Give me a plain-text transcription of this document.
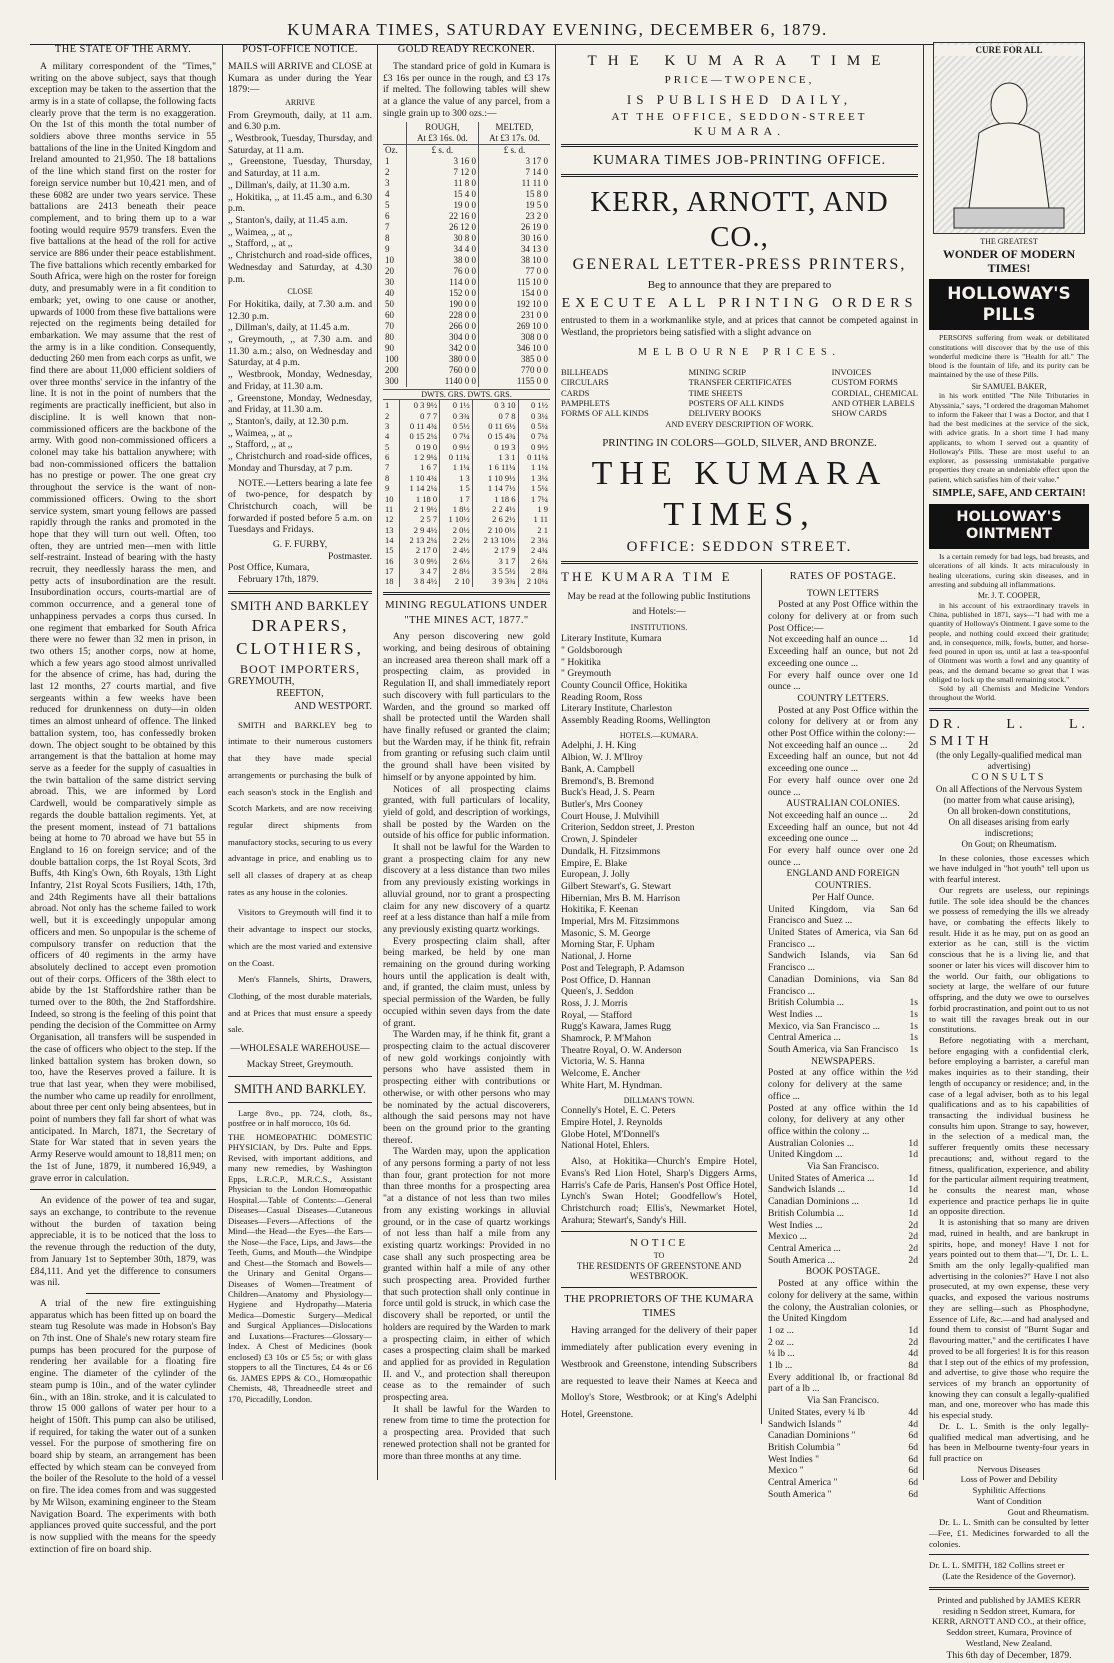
KUMARA TIMES, SATURDAY EVENING, DECEMBER 6, 1879.
THE STATE OF THE ARMY.

A military correspondent of the "Times," writing on the above subject, says that though exception may be taken to the assertion that the army is in a state of collapse, the following facts clearly prove that the term is no exaggeration. On the 1st of this month the total number of soldiers above three months service in 55 battalions of the line in the United Kingdom and Ireland amounted to 21,950. The 18 battalions of the line which stand first on the roster for foreign service number but 10,421 men, and of these 6082 are under two years service. These battalions are 2413 beneath their peace complement, and to bring them up to a war footing would require 9579 transfers. Even the five battalions at the head of the roll for active service are 886 under their peace establishment. The five battalions which recently embarked for South Africa, were high on the roster for foreign duty, and presumably were in a fit condition to embark; yet, owing to one cause or another, upwards of 1000 from these five battalions were rejected on the regiments being detailed for embarkation. We may assume that the rest of the army is in a like condition. Consequently, deducting 260 men from each corps as unfit, we find there are about 11,000 efficient soldiers of over three months' service in the infantry of the line. It is not in the point of numbers that the regiments are practically inefficient, but also in discipline. It is well known that non-commissioned officers are the backbone of the army. With good non-commissioned officers a colonel may take his battalion anywhere; with bad non-commissioned officers the battalion has no prestige or power. The one great cry throughout the service is the want of non-commissioned officers. Owing to the short service system, smart young fellows are passed rapidly through the ranks and promoted in the hope that they will turn out well. Often, too often, they are untried men—men with little self-restraint. Instead of bearing with the hasty recruit, they needlessly harass the men, and petty acts of insubordination are the result. Insubordination occurs, courts-martial are of common occurrence, and a general tone of unhappiness pervades a corps thus cursed. In one regiment that embarked for South Africa there were no fewer than 32 men in prison, in two others 15; another corps, now at home, which a few years ago stood almost unrivalled for the absence of crime, has had, during the last 12 months, 27 courts martial, and five sergeants within a few weeks have been reduced for drunkenness on duty—in olden times an almost unheard of offence. The linked battalion system, too, has confessedly broken down. The object sought to be obtained by this arrangement is that the battalion at home may serve as a feeder for the supply of casualties in the twin battalion of the same district serving abroad. This, we are informed by Lord Cardwell, would be comparatively simple as regards the double battalion regiments. Yet, at the present moment, instead of 71 battalions being at home to 70 abroad we have but 55 in England to 16 on foreign service; and of the double battalion corps, the 1st Royal Scots, 3rd Buffs, 4th King's Own, 6th Royals, 13th Light Infantry, 21st Royal Scots Fusiliers, 14th, 17th, and 24th Regiments have all their battalions abroad. Not only has the scheme failed to work well, but it is exceedingly unpopular among officers and men. So unpopular is the scheme of compulsory transfer on reduction that the officers of 40 regiments in the army have absolutely declined to accept even promotion out of their corps. Officers of the 38th elect to abide by the 1st Staffordshire rather than be turned over to the 80th, the 2nd Staffordshire. Indeed, so strong is the feeling of this point that pending the decision of the Committee on Army Organisation, all transfers will be suspended in the case of officers who object to the step. If the linked battalion system has broken down, so too, have the Reserves proved a failure. It is true that last year, when they were mobilised, the number who came up readily for enrollment, about three per cent only being absentees, but in point of numbers they fall far short of what was anticipated. In March, 1871, the Secretary of State for War stated that in seven years the Army Reserve would amount to 18,811 men; on the 1st of June, 1879, it numbered 16,949, a grave error in calculation.

An evidence of the power of tea and sugar, says an exchange, to contribute to the revenue without the burden of taxation being appreciable, it is to be noticed that the loss to the revenue through the reduction of the duty, from January 1st to September 30th, 1879, was £84,111. And yet the difference to consumers was nil.

A trial of the new fire extinguishing apparatus which has been fitted up on board the steam tug Resolute was made in Hobson's Bay on 7th inst. One of Shale's new rotary steam fire pumps has been procured for the purpose of rendering her available for a floating fire engine. The diameter of the cylinder of the steam pump is 10in., and of the water cylinder 6in., with an 18in. stroke, and it is calculated to throw 15 000 gallons of water per hour to a height of 150ft. This pump can also be utilised, if required, for taking the water out of a sunken vessel. For the purpose of smothering fire on board ship by steam, an arrangement has been effected by which steam can be conveyed from the boiler of the Resolute to the hold of a vessel on fire. The idea comes from and was suggested by Mr Wilson, examining engineer to the Steam Navigation Board. The experiments with both appliances proved quite successful, and the port is now supplied with the means for the speedy extinction of fire on board ship.

POST-OFFICE NOTICE.

MAILS will ARRIVE and CLOSE at Kumara as under during the Year 1879:—

ARRIVE
From Greymouth, daily, at 11 a.m. and 6.30 p.m.
,, Westbrook, Tuesday, Thursday, and Saturday, at 11 a.m.
,, Greenstone, Tuesday, Thursday, and Saturday, at 11 a.m.
,, Dillman's, daily, at 11.30 a.m.
,, Hokitika, ,, at 11.45 a.m., and 6.30 p.m.
,, Stanton's, daily, at 11.45 a.m.
,, Waimea, ,, at ,,
,, Stafford, ,, at ,,
,, Christchurch and road-side offices, Wednesday and Saturday, at 4.30 p.m.
CLOSE
For Hokitika, daily, at 7.30 a.m. and 12.30 p.m.
,, Dillman's, daily, at 11.45 a.m.
,, Greymouth, ,, at 7.30 a.m. and 11.30 a.m.; also, on Wednesday and Saturday, at 4 p.m.
,, Westbrook, Monday, Wednesday, and Friday, at 11.30 a.m.
,, Greenstone, Monday, Wednesday, and Friday, at 11.30 a.m.
,, Stanton's, daily, at 12.30 p.m.
,, Waimea, ,, at ,,
,, Stafford, ,, at ,,
,, Christchurch and road-side offices, Monday and Thursday, at 7 p.m.

NOTE.—Letters bearing a late fee of two-pence, for despatch by Christchurch coach, will be forwarded if posted before 5 a.m. on Tuesdays and Fridays.

G. F. FURBY,
Postmaster.
Post Office, Kumara,
February 17th, 1879.
SMITH AND BARKLEY
DRAPERS,
CLOTHIERS,
BOOT IMPORTERS,
GREYMOUTH,
REEFTON,
AND WESTPORT.

SMITH and BARKLEY beg to intimate to their numerous customers that they have made special arrangements or purchasing the bulk of each season's stock in the English and Scotch Markets, and are now receiving regular direct shipments from manufactory stocks, securing to us every advantage in price, and enabling us to sell all classes of drapery at as cheap rates as any house in the colonies.

Visitors to Greymouth will find it to their advantage to inspect our stocks, which are the most varied and extensive on the Coast.

Men's Flannels, Shirts, Drawers, Clothing, of the most durable materials, and at Prices that must ensure a speedy sale.

—WHOLESALE WAREHOUSE—
Mackay Street, Greymouth.
SMITH AND BARKLEY.

Large 8vo., pp. 724, cloth, 8s., postfree or in half morocco, 10s 6d.

THE HOMEOPATHIC DOMESTIC PHYSICIAN, by Drs. Pulte and Epps. Revised, with important additions, and many new remedies, by Washington Epps, L.R.C.P., M.R.C.S., Assistant Physician to the London Homœopathic Hospital.—Table of Contents:—General Diseases—Casual Diseases—Cutaneous Diseases—Fevers—Affections of the Mind—the Head—the Eyes—the Ears—the Nose—the Face, Lips, and Jaws—the Teeth, Gums, and Mouth—the Windpipe and Chest—the Stomach and Bowels—the Urinary and Genital Organs—Diseases of Women—Treatment of Children—Anatomy and Physiology—Hygiene and Hydropathy—Materia Medica—Domestic Surgery—Medical and Surgical Appliances—Dislocations and Luxations—Fractures—Glossary—Index. A Chest of Medicines (book enclosed) £3 10s or £5 5s; or with glass stoppers to all the Tinctures, £4 4s or £6 6s. JAMES EPPS & CO., Homœopathic Chemists, 48, Threadneedle street and 170, Piccadilly, London.

GOLD READY RECKONER.

The standard price of gold in Kumara is £3 16s per ounce in the rough, and £3 17s if melted. The following tables will shew at a glance the value of any parcel, from a single grain up to 300 ozs.:—

	ROUGH,
At £3 16s. 0d.	MELTED,
At £3 17s. 0d.
Oz.	£ s. d.	£ s. d.
1	3 16 0	3 17 0
2	7 12 0	7 14 0
3	11 8 0	11 11 0
4	15 4 0	15 8 0
5	19 0 0	19 5 0
6	22 16 0	23 2 0
7	26 12 0	26 19 0
8	30 8 0	30 16 0
9	34 4 0	34 13 0
10	38 0 0	38 10 0
20	76 0 0	77 0 0
30	114 0 0	115 10 0
40	152 0 0	154 0 0
50	190 0 0	192 10 0
60	228 0 0	231 0 0
70	266 0 0	269 10 0
80	304 0 0	308 0 0
90	342 0 0	346 10 0
100	380 0 0	385 0 0
200	760 0 0	770 0 0
300	1140 0 0	1155 0 0
DWTS. GRS. DWTS. GRS.
1	0 3 9½	0 1½	0 3 10	0 1½
2	0 7 7	0 3¾	0 7 8	0 3¼
3	0 11 4¾	0 5½	0 11 6½	0 5¼
4	0 15 2¼	0 7¼	0 15 4¾	0 7¼
5	0 19 0	0 9½	0 19 3	0 9½
6	1 2 9¼	0 11¼	1 3 1	0 11¼
7	1 6 7	1 1¼	1 6 11¼	1 1¼
8	1 10 4¾	1 3	1 10 9½	1 3¼
9	1 14 2¼	1 5	1 14 7½	1 5¼
10	1 18 0	1 7	1 18 6	1 7¼
11	2 1 9½	1 8½	2 2 4½	1 9
12	2 5 7	1 10½	2 6 2½	1 11
13	2 9 4½	2 0½	2 10 0½	2 1
14	2 13 2¼	2 2½	2 13 10½	2 3¼
15	2 17 0	2 4½	2 17 9	2 4¾
16	3 0 9½	2 6½	3 1 7	2 6¾
17	3 4 7	2 8½	3 5 5½	2 8¾
18	3 8 4½	2 10	3 9 3¾	2 10¼
MINING REGULATIONS UNDER
"THE MINES ACT, 1877."

Any person discovering new gold working, and being desirous of obtaining an increased area thereon shall mark off a prospecting claim, as provided in Regulation II, and shall immediately report such discovery with full particulars to the Warden, and the ground so marked off shall be protected until the Warden shall have finally refused or granted the claim; but the Warden may, if he think fit, refrain from granting or refusing such claim until the ground shall have been visited by himself or by anyone appointed by him.

Notices of all prospecting claims granted, with full particulars of locality, yield of gold, and description of workings, shall be posted by the Warden on the outside of his office for public information.

It shall not be lawful for the Warden to grant a prospecting claim for any new discovery at a less distance than two miles from any previously existing workings in alluvial ground, nor to grant a prospecting claim for any new discovery of a quartz reef at a less distance than half a mile from any previously existing quartz workings.

Every prospecting claim shall, after being marked, be held by one man remaining on the ground during working hours until the application is dealt with, and, if granted, the claim must, unless by special permission of the Warden, be fully occupied within seven days from the date of grant.

The Warden may, if he think fit, grant a prospecting claim to the actual discoverer of new gold workings conjointly with persons who have assisted them in prospecting either with contributions or otherwise, or with other persons who may be nominated by the actual discoverers, although the said persons may not have been on the ground prior to the granting thereof.

The Warden may, upon the application of any persons forming a party of not less than four, grant protection for not more than three months for a prospecting area "at a distance of not less than two miles from any existing workings in alluvial ground, or in the case of quartz workings of not less than half a mile from any existing quartz workings: Provided in no case shall any such prospecting area be granted within half a mile of any other such prospecting area. Provided further that such protection shall only continue in force until gold is struck, in which case the discovery shall be reported, or until the holders are required by the Warden to mark a prospecting claim, in either of which cases a prospecting claim shall be marked and applied for as provided in Regulation II. and V., and protection shall thereupon cease as to the remainder of such prospecting area.

It shall be lawful for the Warden to renew from time to time the protection for a prospecting area. Provided that such renewed protection shall not be granted for more than three months at any time.

THE KUMARA TIME
PRICE—TWOPENCE,
IS PUBLISHED DAILY,
AT THE OFFICE, SEDDON-STREET
KUMARA.
KUMARA TIMES JOB-PRINTING OFFICE.
KERR, ARNOTT, AND CO.,
GENERAL LETTER-PRESS PRINTERS,
Beg to announce that they are prepared to
EXECUTE ALL PRINTING ORDERS

entrusted to them in a workmanlike style, and at prices that cannot be competed against in Westland, the proprietors being satisfied with a slight advance on

MELBOURNE PRICES.
BILLHEADS
CIRCULARS
CARDS
PAMPHLETS
FORMS OF ALL KINDS
MINING SCRIP
TRANSFER CERTIFICATES
TIME SHEETS
POSTERS OF ALL KINDS
DELIVERY BOOKS
INVOICES
CUSTOM FORMS
CORDIAL, CHEMICAL
AND OTHER LABELS
SHOW CARDS
AND EVERY DESCRIPTION OF WORK.
PRINTING IN COLORS—GOLD, SILVER, AND BRONZE.
THE KUMARA TIMES,
OFFICE: SEDDON STREET.
THE KUMARA TIM E

May be read at the following public Institutions and Hotels:—

INSTITUTIONS.
Literary Institute, Kumara
" Goldsborough
" Hokitika
" Greymouth
County Council Office, Hokitika
Reading Room, Ross
Literary Institute, Charleston
Assembly Reading Rooms, Wellington
HOTELS.—KUMARA.
Adelphi, J. H. King
Albion, W. J. M'Ilroy
Bank, A. Campbell
Bremond's, B. Bremond
Buck's Head, J. S. Pearn
Butler's, Mrs Cooney
Court House, J. Mulvihill
Criterion, Seddon street, J. Preston
Crown, J. Spindeler
Dundalk, H. Fitzsimmons
Empire, E. Blake
European, J. Jolly
Gilbert Stewart's, G. Stewart
Hibernian, Mrs B. M. Harrison
Hokitika, F. Keenan
Imperial, Mrs M. Fitzsimmons
Masonic, S. M. George
Morning Star, F. Upham
National, J. Horne
Post and Telegraph, P. Adamson
Post Office, D. Hannan
Queen's, J. Seddon
Ross, J. J. Morris
Royal, — Stafford
Rugg's Kawara, James Rugg
Shamrock, P. M'Mahon
Theatre Royal, O. W. Anderson
Victoria, W. S. Hanna
Welcome, E. Ancher
White Hart, M. Hyndman.
DILLMAN'S TOWN.
Connelly's Hotel, E. C. Peters
Empire Hotel, J. Reynolds
Globe Hotel, M'Donnell's
National Hotel, Ehlers.

Also, at Hokitika—Church's Empire Hotel, Evans's Red Lion Hotel, Sharp's Diggers Arms, Harris's Cafe de Paris, Hansen's Post Office Hotel, Lynch's Swan Hotel; Goodfellow's Hotel, Christchurch road; Ellis's, Newmarket Hotel, Arahura; Stewart's, Sandy's Hill.

NOTICE
TO
THE RESIDENTS OF GREENSTONE AND WESTBROOK.
THE PROPRIETORS OF THE KUMARA TIMES

Having arranged for the delivery of their paper immediately after publication every evening in Westbrook and Greenstone, intending Subscribers are requested to leave their Names at Keeca and Molloy's Store, Westbrook; or at King's Adelphi Hotel, Greenstone.

RATES OF POSTAGE.
TOWN LETTERS

Posted at any Post Office within the colony for delivery at or from such Post Office:—

Not exceeding half an ounce ... 1d
Exceeding half an ounce, but not exceeding one ounce ...
2d
For every half ounce over one ounce ...
1d
COUNTRY LETTERS.

Posted at any Post Office within the colony for delivery at or from any other Post Office within the colony:—

Not exceeding half an ounce ... 2d
Exceeding half an ounce, but not exceeding one ounce ...
4d
For every half ounce over one ounce ...
2d
AUSTRALIAN COLONIES.
Not exceeding half an ounce ... 2d
Exceeding half an ounce, but not exceeding one ounce ...
4d
For every half ounce over one ounce ...
2d
ENGLAND AND FOREIGN COUNTRIES.
Per Half Ounce.
United Kingdom, via San Francisco and Suez ...
6d
United States of America, via San Francisco ...
6d
Sandwich Islands, via San Francisco ...
6d
Canadian Dominions, via San Francisco ...
8d
British Columbia ...	1s
West Indies ...	1s
Mexico, via San Francisco ...	1s
Central America ...	1s
South America, via San Francisco 1s
NEWSPAPERS.
Posted at any office within the colony for delivery at the same office ...
½d
Posted at any office within the colony, for delivery at any other office within the colony ...
1d
Australian Colonies ...	1d
United Kingdom ...	1d
Via San Francisco.
United States of America ...	1d
Sandwich Islands ...	1d
Canadian Dominions ...	1d
British Columbia ...	1d
West Indies ...	2d
Mexico ...	2d
Central America ...	2d
South America ...	2d
BOOK POSTAGE.

Posted at any office within the colony for delivery at the same, within the colony, the Australian colonies, or the United Kingdom

1 oz ...	1d
2 oz ...	2d
¼ lb ...	4d
1 lb ...	8d
Every additional lb, or fractional part of a lb ...
8d
Via San Francisco.
United States, every ¼ lb	4d
Sandwich Islands "	4d
Canadian Dominions "	6d
British Columbia "	6d
West Indies "	6d
Mexico "	6d
Central America "	6d
South America "	6d
CURE FOR ALL
THE GREATEST
WONDER OF MODERN TIMES!
HOLLOWAY'S PILLS

PERSONS suffering from weak or debilitated constitutions will discover that by the use of this wonderful medicine there is "Health for all." The blood is the fountain of life, and its purity can be maintained by the use of these Pills.

Sir SAMUEL BAKER,

in his work entitled "The Nile Tributaries in Abyssinia," says, "I ordered the dragoman Mahomet to inform the Fakeer that I was a Doctor, and that I had the best medicines at the service of the sick, with advice gratis. In a short time I had many applicants, to whom I served out a quantity of Holloway's Pills. These are most useful to an explorer, as possessing unmistakable purgative properties they create an undeniable effect upon the patient, which satisfies him of their value."

SIMPLE, SAFE, AND CERTAIN!
HOLLOWAY'S OINTMENT

Is a certain remedy for bad legs, bad breasts, and ulcerations of all kinds. It acts miraculously in healing ulcerations, curing skin diseases, and in arresting and subduing all inflammations.

Mr. J. T. COOPER,

in his account of his extraordinary travels in China, published in 1871, says—"I had with me a quantity of Holloway's Ointment. I gave some to the people, and nothing could exceed their gratitude; and, in consequence, milk, fowls, butter, and horse-feed poured in upon us, until at last a tea-spoonful of Ointment was worth a fowl and any quantity of peas, and the demand became so great that I was obliged to lock up the small remaining stock."

Sold by all Chemists and Medicine Vendors throughout the World.

DR. L. L. SMITH
(the only Legally-qualified medical man advertising)
CONSULTS
On all Affections of the Nervous System (no matter from what cause arising),
On all broken-down constitutions,
On all diseases arising from early indiscretions;
On Gout; on Rheumatism.

In these colonies, those excesses which we have indulged in "hot youth" tell upon us with fearful interest.

Our regrets are useless, our repinings futile. The sole idea should be the chances we possess of remedying the ills we already have, or combating the effects likely to result. Hide it as he may, put on as good an exterior as he can, still is the victim conscious that he is a living lie, and that sooner or later his vices will discover him to the world. Our faith, our obligations to society at large, the welfare of our future offspring, and the duty we owe to ourselves forbid procrastination, and point out to us not to wait till the ravages break out in our constitutions.

Before negotiating with a merchant, before engaging with a confidential clerk, before employing a barrister, a careful man makes inquiries as to their standing, their length of occupancy or residence; and, in the case of a legal adviser, both as to his legal qualifications and as to his capabilities of transacting the individual business he consults him upon. Strange to say, however, in the selection of a medical man, the sufferer frequently omits these necessary precautions; and, without regard to the fitness, qualification, experience, and ability for the particular ailment requiring treatment, he consults the nearest man, whose experience and practice perhaps lie in quite an opposite direction.

It is astonishing that so many are driven mad, ruined in health, and are bankrupt in spirits, hope, and money! Have I not for years pointed out to them that—"I, Dr. L. L. Smith am the only legally-qualified man advertising in the colonies?" Have I not also prosecuted, at my own expense, these very quacks, and exposed the various nostrums they are selling—such as Phosphodyne, Essence of Life, &c.—and had analysed and found them to consist of "Burnt Sugar and flavouring matter," and the certificates I have proved to be all forgeries! It is for this reason that I step out of the ethics of my profession, and advertise, to give those who require the services of my branch an opportunity of knowing they can consult a legally-qualified man, and one, moreover who has made this his especial study.

Dr. L. L. Smith is the only legally-qualified medical man advertising, and he has been in Melbourne twenty-four years in full practice on

Nervous Diseases
Loss of Power and Debility
Syphilitic Affections
Want of Condition
Gout and Rheumatism.

Dr. L. L. Smith can be consulted by letter—Fee, £1. Medicines forwarded to all the colonies.

Dr. L. L. SMITH, 182 Collins street er
(Late the Residence of the Governor).

Printed and published by JAMES KERR residing n Seddon street, Kumara, for KERR, ARNOTT AND CO., at their office, Seddon street, Kumara, Province of Westland, New Zealand.

This 6th day of December, 1879.
